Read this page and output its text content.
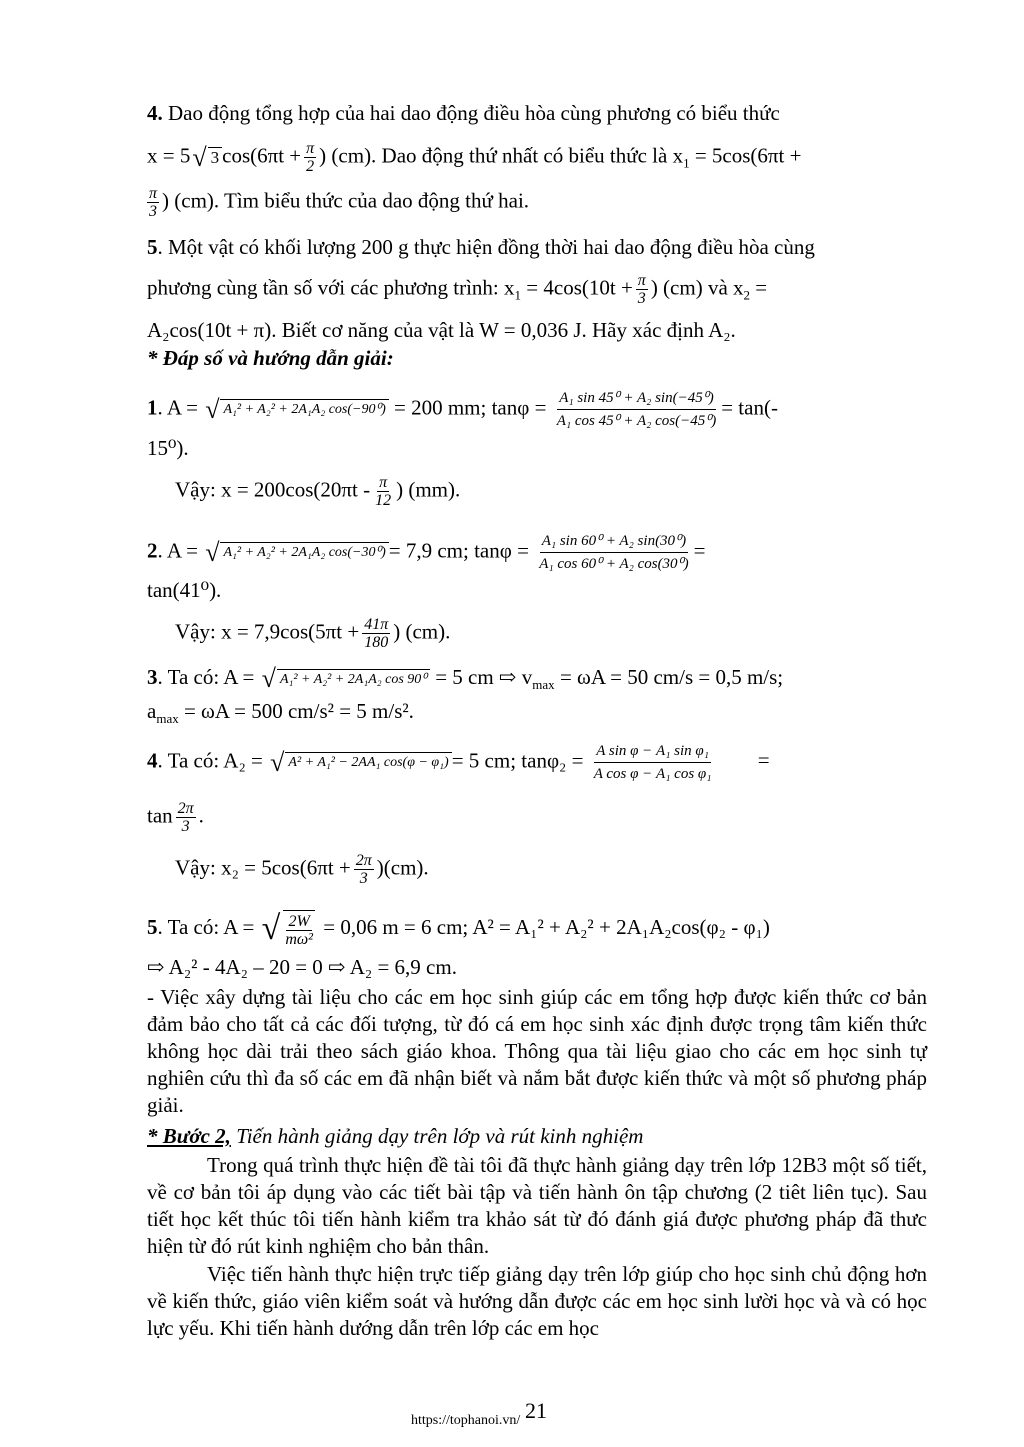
4. Dao động tổng hợp của hai dao động điều hòa cùng phương có biểu thức
x = 5√ 3 $\cos(6\pi t + \frac{\pi}{2}$ ) (cm). Dao động thứ nhất có biểu thức là $x_1 = 5\cos(6\pi t$ +
$\frac{\pi}{3}$ ) (cm). Tìm biểu thức của dao động thứ hai.
5. Một vật có khối lượng 200 g thực hiện đồng thời hai dao động điều hòa cùng
phương cùng tần số với các phương trình: $x_1 = 4\cos(10t + \frac{\pi}{3}$ ) (cm) và $x_2$ =
A₂cos(10t + π). Biết cơ năng của vật là W = 0,036 J. Hãy xác định A₂.
* Đáp số và hướng dẫn giải:
1. A = √ A₁² + A₂² + 2A₁A₂ cos(−90⁰) = 200 mm; $\tan\varphi = \frac{\text{A₁ sin 45⁰ + A₂ sin(−45⁰)}}{\text{A₁ cos 45⁰ + A₂ cos(−45⁰)}} = \tan(-$
15⁰).
Vậy: $x = 200\cos(20\pi t - \frac{\pi}{12}$ ) (mm).
2. A = √ A₁² + A₂² + 2A₁A₂ cos(−30⁰) = 7,9 cm; $\tan\varphi = \frac{\text{A₁ sin 60⁰ + A₂ sin(30⁰)}}{\text{A₁ cos 60⁰ + A₂ cos(30⁰)}}$ =
tan(41⁰).
Vậy: $x = 7,9\cos(5\pi t + \frac{41\pi}{180}$ ) (cm).
3. Ta có: A = √ A₁² + A₂² + 2A₁A₂ cos 90⁰ = 5 cm ⇨ $v_{max} = \omega A = 50$ cm/s = 0,5 m/s;
$a_{max} = \omega A = 500$ cm/s² = 5 m/s².
4. Ta có: A₂ = √ A² + A₁² − 2AA₁ cos(φ − φ₁) = 5 cm; $\tan\varphi_2 = \frac{\text{A sin φ − A₁ sin φ₁}}{\text{A cos φ − A₁ cos φ₁}}$ =
$\tan \frac{2\pi}{3}$ .
Vậy: $x_2 = 5\cos(6\pi t + \frac{2\pi}{3} )(cm)$.
5. Ta có: A = √ $\frac{2W}{\text{mω²}} = 0,06$ m = 6 cm; A² = A₁² + A₂² + 2A₁A₂cos(φ₂ - φ₁)
⇨ A₂² - 4A₂ – 20 = 0 ⇨ A₂ = 6,9 cm.
- Việc xây dựng tài liệu cho các em học sinh giúp các em tổng hợp được kiến thức cơ bản đảm bảo cho tất cả các đối tượng, từ đó cá em học sinh xác định được trọng tâm kiến thức không học dài trải theo sách giáo khoa. Thông qua tài liệu giao cho các em học sinh tự nghiên cứu thì đa số các em đã nhận biết và nắm bắt được kiến thức và một số phương pháp giải.
* Bước 2, Tiến hành giảng dạy trên lớp và rút kinh nghiệm
Trong quá trình thực hiện đề tài tôi đã thực hành giảng dạy trên lớp 12B3 một số tiết, về cơ bản tôi áp dụng vào các tiết bài tập và tiến hành ôn tập chương (2 tiêt liên tục). Sau tiết học kết thúc tôi tiến hành kiểm tra khảo sát từ đó đánh giá được phương pháp đã thưc hiện từ đó rút kinh nghiệm cho bản thân.
Việc tiến hành thực hiện trực tiếp giảng dạy trên lớp giúp cho học sinh chủ động hơn về kiến thức, giáo viên kiểm soát và hướng dẫn được các em học sinh lười học và và có học lực yếu. Khi tiến hành dướng dẫn trên lớp các em học
21
https://tophanoi.vn/
